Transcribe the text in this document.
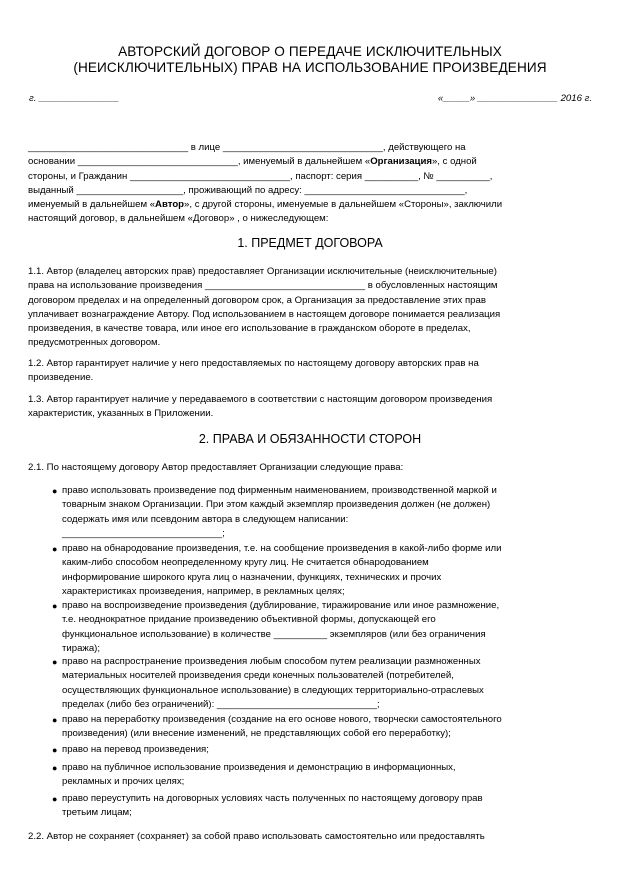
АВТОРСКИЙ ДОГОВОР О ПЕРЕДАЧЕ ИСКЛЮЧИТЕЛЬНЫХ
(НЕИСКЛЮЧИТЕЛЬНЫХ) ПРАВ НА ИСПОЛЬЗОВАНИЕ ПРОИЗВЕДЕНИЯ
г. _______________	«_____» _______________ 2016 г.
______________________________ в лице ______________________________, действующего на
основании ______________________________, именуемый в дальнейшем «Организация», с одной
стороны, и Гражданин ______________________________, паспорт: серия __________, № __________,
выданный ____________________, проживающий по адресу: ______________________________,
именуемый в дальнейшем «Автор», с другой стороны, именуемые в дальнейшем «Стороны», заключили
настоящий договор, в дальнейшем «Договор» , о нижеследующем:
1. ПРЕДМЕТ ДОГОВОРА
1.1. Автор (владелец авторских прав) предоставляет Организации исключительные (неисключительные)
права на использование произведения ______________________________ в обусловленных настоящим
договором пределах и на определенный договором срок, а Организация за предоставление этих прав
уплачивает вознаграждение Автору. Под использованием в настоящем договоре понимается реализация
произведения, в качестве товара, или иное его использование в гражданском обороте в пределах,
предусмотренных договором.
1.2. Автор гарантирует наличие у него предоставляемых по настоящему договору авторских прав на
произведение.
1.3. Автор гарантирует наличие у передаваемого в соответствии с настоящим договором произведения
характеристик, указанных в Приложении.
2. ПРАВА И ОБЯЗАННОСТИ СТОРОН
2.1. По настоящему договору Автор предоставляет Организации следующие права:
● право использовать произведение под фирменным наименованием, производственной маркой и
товарным знаком Организации. При этом каждый экземпляр произведения должен (не должен)
содержать имя или псевдоним автора в следующем написании:
______________________________;
● право на обнародование произведения, т.е. на сообщение произведения в какой-либо форме или
каким-либо способом неопределенному кругу лиц. Не считается обнародованием
информирование широкого круга лиц о назначении, функциях, технических и прочих
характеристиках произведения, например, в рекламных целях;
● право на воспроизведение произведения (дублирование, тиражирование или иное размножение,
т.е. неоднократное придание произведению объективной формы, допускающей его
функциональное использование) в количестве __________ экземпляров (или без ограничения
тиража);
● право на распространение произведения любым способом путем реализации размноженных
материальных носителей произведения среди конечных пользователей (потребителей,
осуществляющих функциональное использование) в следующих территориально-отраслевых
пределах (либо без ограничений): ______________________________;
● право на переработку произведения (создание на его основе нового, творчески самостоятельного
произведения) (или внесение изменений, не представляющих собой его переработку);
● право на перевод произведения;
● право на публичное использование произведения и демонстрацию в информационных,
рекламных и прочих целях;
● право переуступить на договорных условиях часть полученных по настоящему договору прав
третьим лицам;
2.2. Автор не сохраняет (сохраняет) за собой право использовать самостоятельно или предоставлять
